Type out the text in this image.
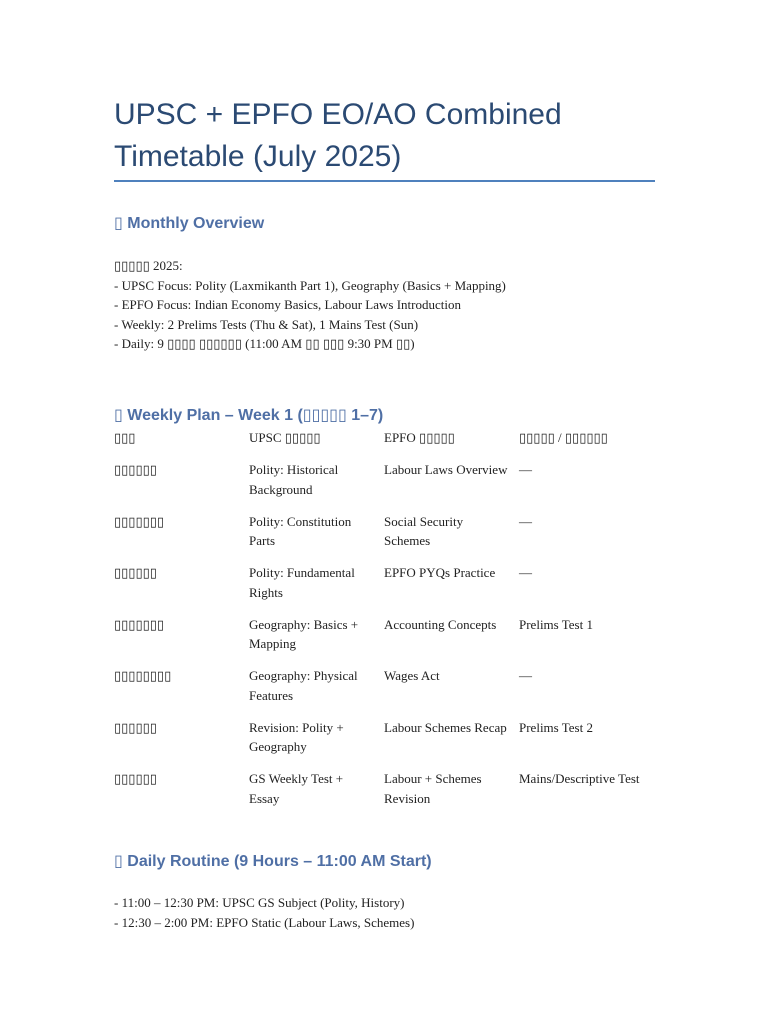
UPSC + EPFO EO/AO Combined Timetable (July 2025)
▯ Monthly Overview
▯▯▯▯▯ 2025:
- UPSC Focus: Polity (Laxmikanth Part 1), Geography (Basics + Mapping)
- EPFO Focus: Indian Economy Basics, Labour Laws Introduction
- Weekly: 2 Prelims Tests (Thu & Sat), 1 Mains Test (Sun)
- Daily: 9 ▯▯▯▯ ▯▯▯▯▯▯ (11:00 AM ▯▯ ▯▯▯ 9:30 PM ▯▯)
▯ Weekly Plan – Week 1 (▯▯▯▯▯ 1–7)
▯▯▯	UPSC ▯▯▯▯▯	EPFO ▯▯▯▯▯	▯▯▯▯▯ / ▯▯▯▯▯▯

▯▯▯▯▯▯	Polity: Historical Background	Labour Laws Overview	—

▯▯▯▯▯▯▯	Polity: Constitution Parts	Social Security Schemes	—

▯▯▯▯▯▯	Polity: Fundamental Rights	EPFO PYQs Practice	—

▯▯▯▯▯▯▯	Geography: Basics + Mapping	Accounting Concepts	Prelims Test 1

▯▯▯▯▯▯▯▯	Geography: Physical Features	Wages Act	—

▯▯▯▯▯▯	Revision: Polity + Geography	Labour Schemes Recap	Prelims Test 2

▯▯▯▯▯▯	GS Weekly Test + Essay	Labour + Schemes Revision	Mains/Descriptive Test
▯ Daily Routine (9 Hours – 11:00 AM Start)
- 11:00 – 12:30 PM: UPSC GS Subject (Polity, History)
- 12:30 – 2:00 PM: EPFO Static (Labour Laws, Schemes)
